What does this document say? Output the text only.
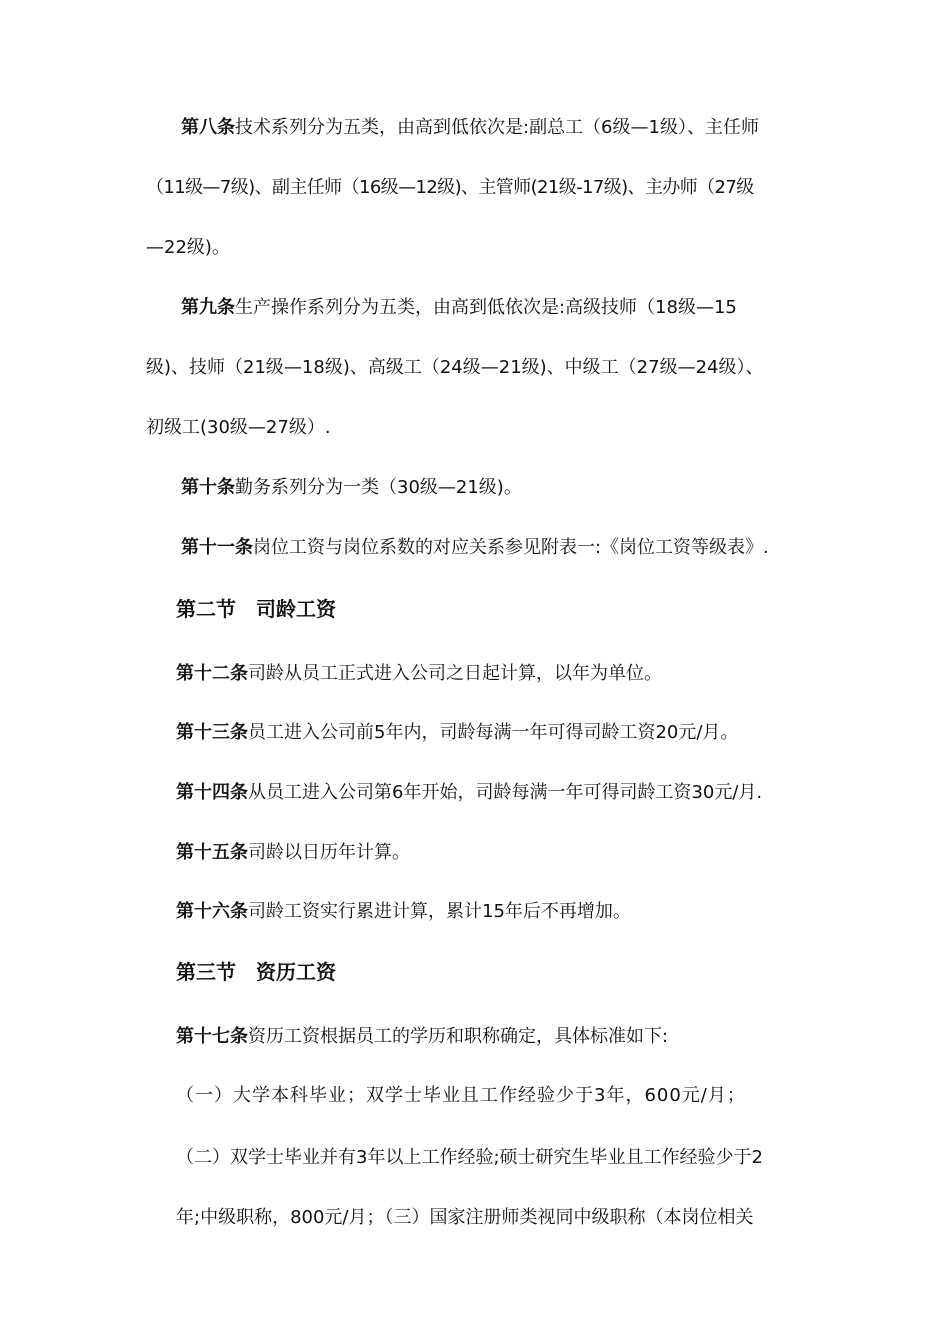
第八条技术系列分为五类，由高到低依次是:副总工（6级—1级）、主任师
（11级—7级)、副主任师（16级—12级)、主管师(21级-17级)、主办师（27级
—22级)。
第九条生产操作系列分为五类，由高到低依次是:高级技师（18级—15
级)、技师（21级—18级)、高级工（24级—21级)、中级工（27级—24级）、
初级工(30级—27级）.
第十条勤务系列分为一类（30级—21级)。
第十一条岗位工资与岗位系数的对应关系参见附表一:《岗位工资等级表》.
第二节　司龄工资
第十二条司龄从员工正式进入公司之日起计算，以年为单位。
第十三条员工进入公司前5年内，司龄每满一年可得司龄工资20元/月。
第十四条从员工进入公司第6年开始，司龄每满一年可得司龄工资30元/月.
第十五条司龄以日历年计算。
第十六条司龄工资实行累进计算，累计15年后不再增加。
第三节　资历工资
第十七条资历工资根据员工的学历和职称确定，具体标准如下:
（一）大学本科毕业；双学士毕业且工作经验少于3年，600元/月；
（二）双学士毕业并有3年以上工作经验;硕士研究生毕业且工作经验少于2
年;中级职称，800元/月；（三）国家注册师类视同中级职称（本岗位相关
